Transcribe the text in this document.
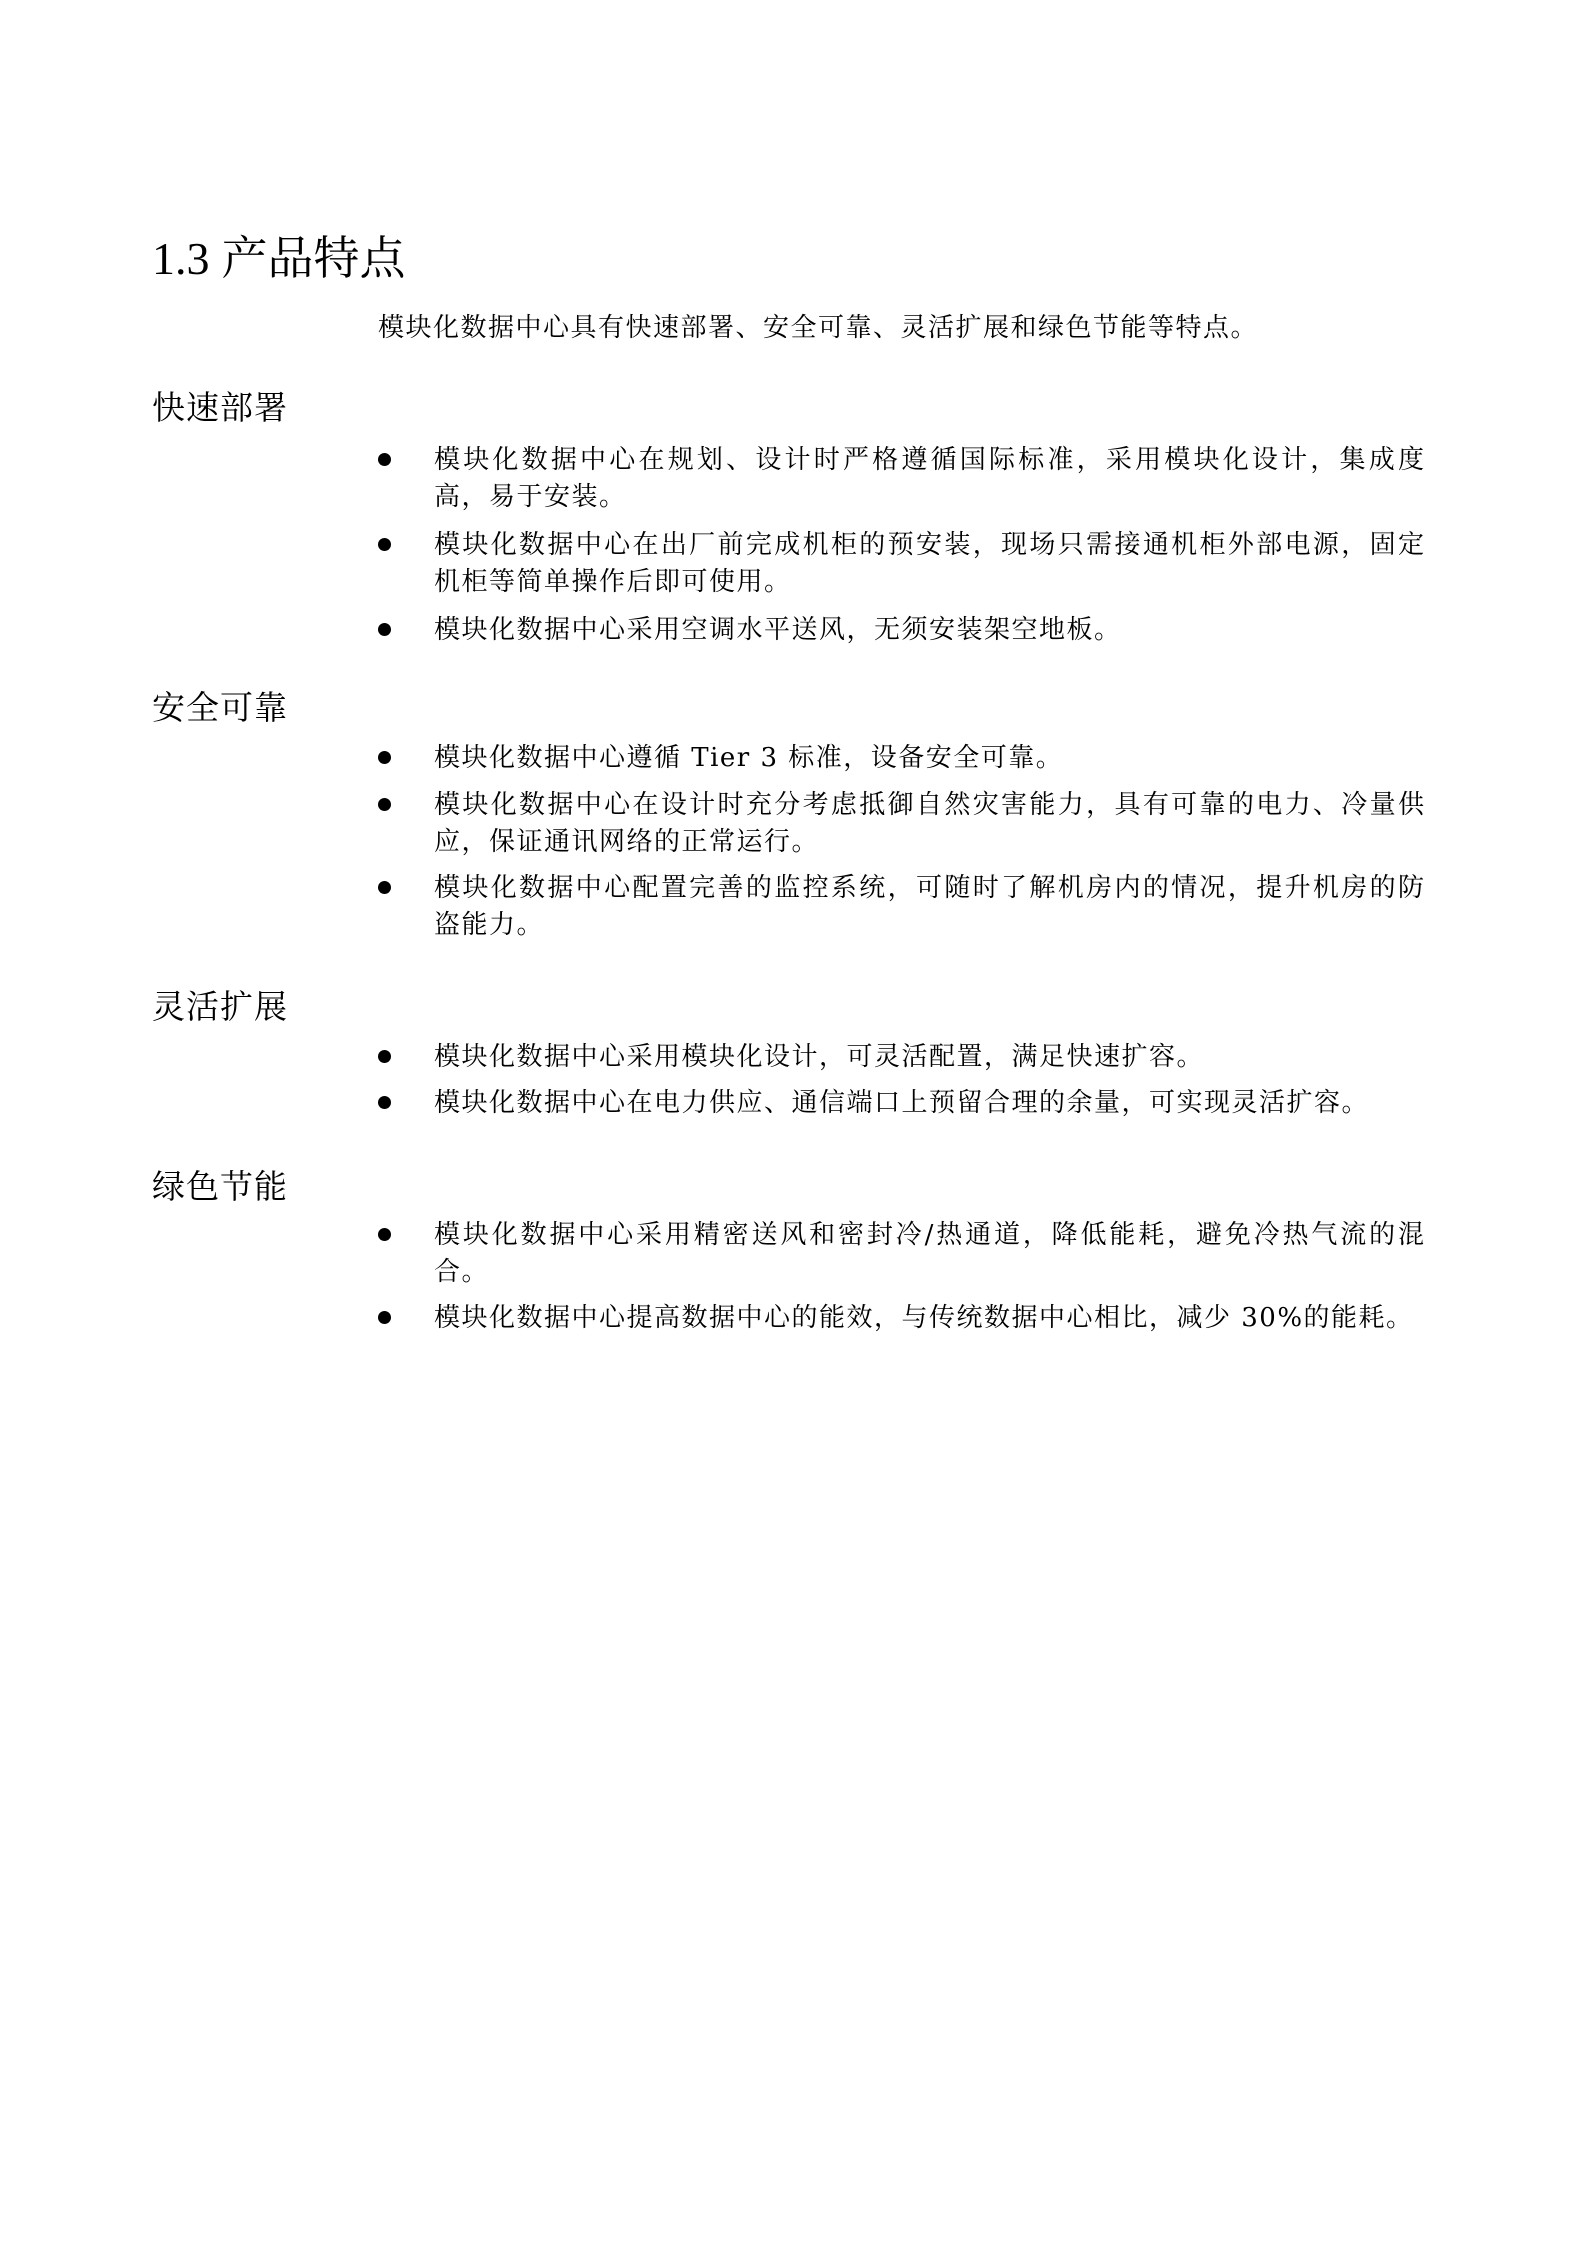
1.3 产品特点
模块化数据中心具有快速部署、安全可靠、灵活扩展和绿色节能等特点。
快速部署
模块化数据中心在规划、设计时严格遵循国际标准，采用模块化设计，集成度
高，易于安装。
模块化数据中心在出厂前完成机柜的预安装，现场只需接通机柜外部电源，固定
机柜等简单操作后即可使用。
模块化数据中心采用空调水平送风，无须安装架空地板。
安全可靠
模块化数据中心遵循 Tier 3 标准，设备安全可靠。
模块化数据中心在设计时充分考虑抵御自然灾害能力，具有可靠的电力、冷量供
应，保证通讯网络的正常运行。
模块化数据中心配置完善的监控系统，可随时了解机房内的情况，提升机房的防
盗能力。
灵活扩展
模块化数据中心采用模块化设计，可灵活配置，满足快速扩容。
模块化数据中心在电力供应、通信端口上预留合理的余量，可实现灵活扩容。
绿色节能
模块化数据中心采用精密送风和密封冷/热通道，降低能耗，避免冷热气流的混
合。
模块化数据中心提高数据中心的能效，与传统数据中心相比，减少 30%的能耗。
